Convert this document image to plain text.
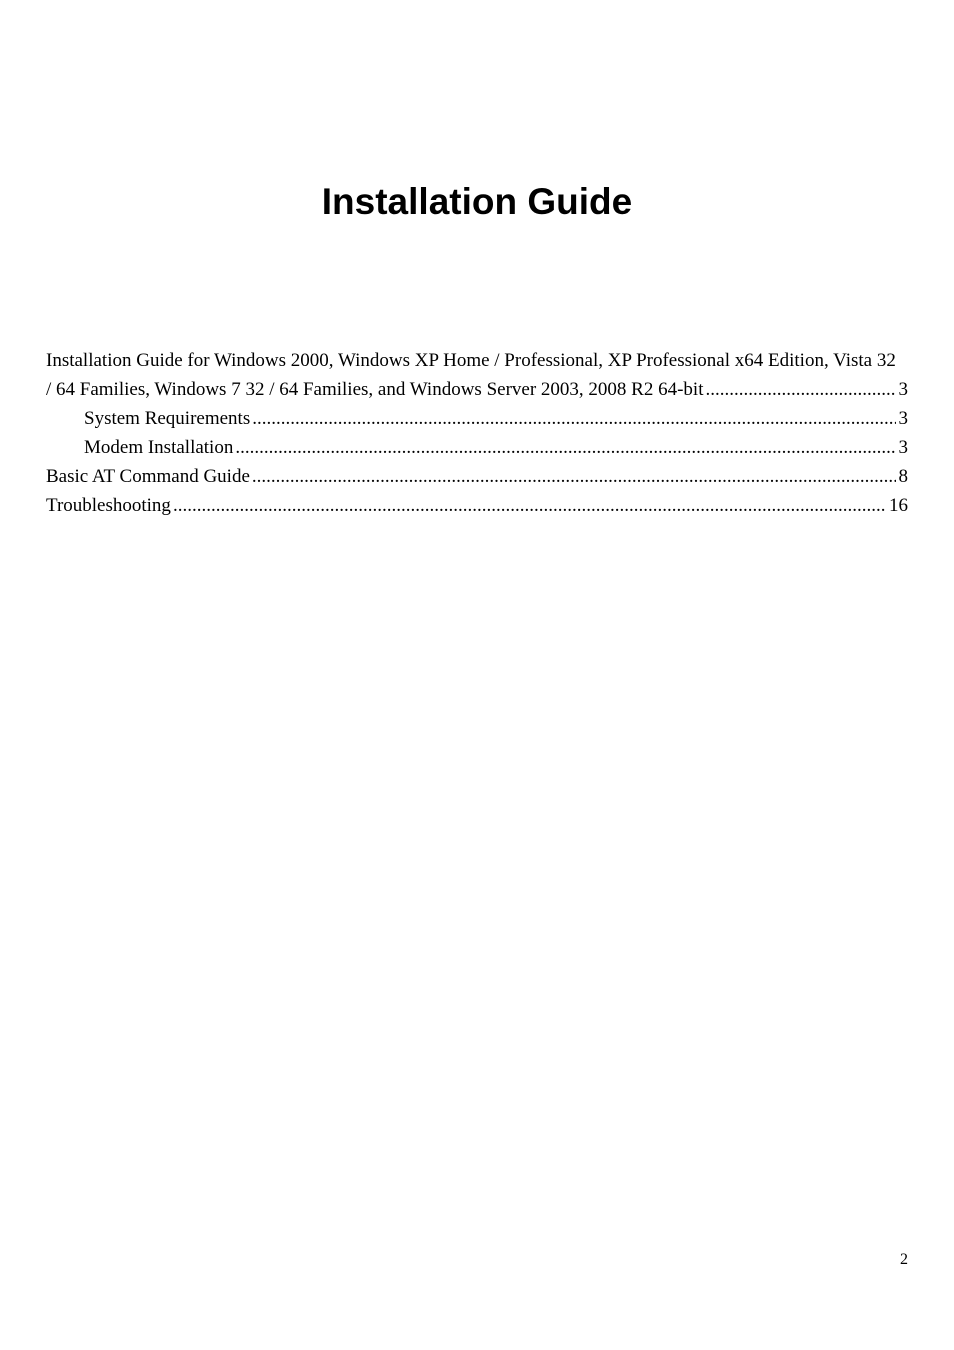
Installation Guide
Installation Guide for Windows 2000, Windows XP Home / Professional, XP Professional x64 Edition, Vista 32
/ 64 Families, Windows 7 32 / 64 Families, and Windows Server 2003, 2008 R2 64-bit .....	3
System Requirements .....	3
Modem Installation .....	3
Basic AT Command Guide .....	8
Troubleshooting .....	16
2
